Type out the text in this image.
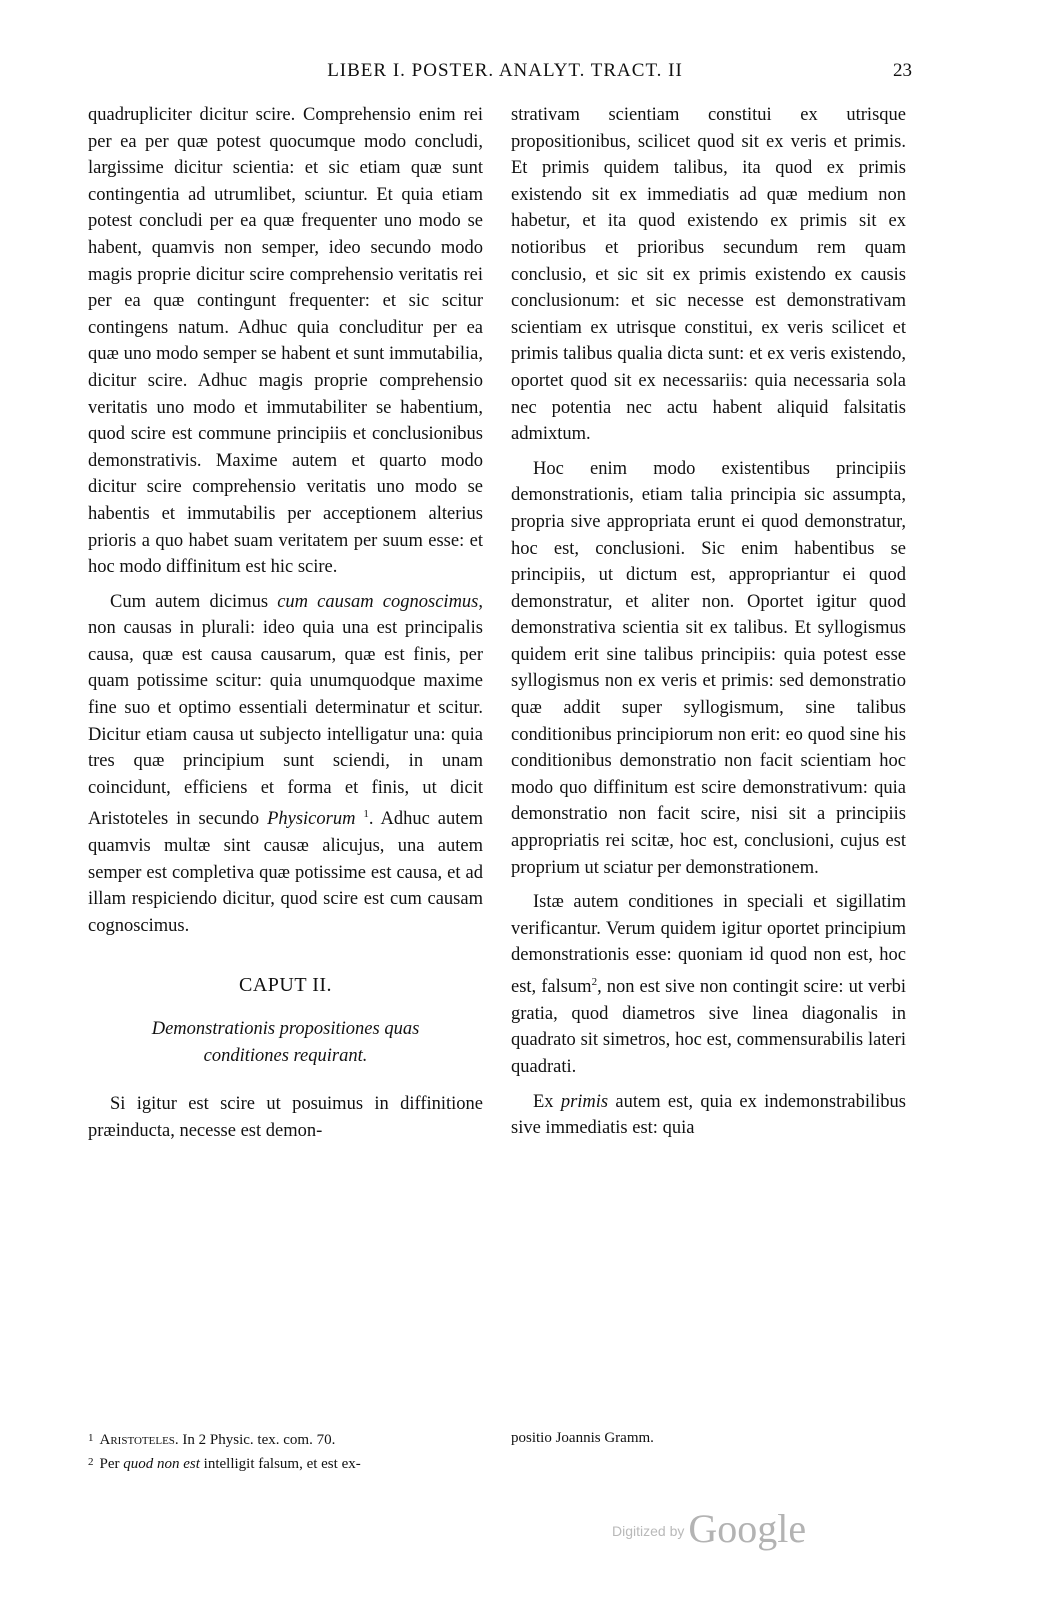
LIBER I. POSTER. ANALYT. TRACT. II	23

quadrupliciter dicitur scire. Comprehensio enim rei per ea per quæ potest quocumque modo concludi, largissime dicitur scientia: et sic etiam quæ sunt contingentia ad utrumlibet, sciuntur. Et quia etiam potest concludi per ea quæ frequenter uno modo se habent, quamvis non semper, ideo secundo modo magis proprie dicitur scire comprehensio veritatis rei per ea quæ contingunt frequenter: et sic scitur contingens natum. Adhuc quia concluditur per ea quæ uno modo semper se habent et sunt immutabilia, dicitur scire. Adhuc magis proprie comprehensio veritatis uno modo et immutabiliter se habentium, quod scire est commune principiis et conclusionibus demonstrativis. Maxime autem et quarto modo dicitur scire comprehensio veritatis uno modo se habentis et immutabilis per acceptionem alterius prioris a quo habet suam veritatem per suum esse: et hoc modo diffinitum est hic scire.

Cum autem dicimus cum causam cognoscimus, non causas in plurali: ideo quia una est principalis causa, quæ est causa causarum, quæ est finis, per quam potissime scitur: quia unumquodque maxime fine suo et optimo essentiali determinatur et scitur. Dicitur etiam causa ut subjecto intelligatur una: quia tres quæ principium sunt sciendi, in unam coincidunt, efficiens et forma et finis, ut dicit Aristoteles in secundo Physicorum $^1$. Adhuc autem quamvis multæ sint causæ alicujus, una autem semper est completiva quæ potissime est causa, et ad illam respiciendo dicitur, quod scire est cum causam cognoscimus.

CAPUT II.
Demonstrationis propositiones quas conditiones requirant.

Si igitur est scire ut posuimus in diffinitione præinducta, necesse est demon-

strativam scientiam constitui ex utrisque propositionibus, scilicet quod sit ex veris et primis. Et primis quidem talibus, ita quod ex primis existendo sit ex immediatis ad quæ medium non habetur, et ita quod existendo ex primis sit ex notioribus et prioribus secundum rem quam conclusio, et sic sit ex primis existendo ex causis conclusionum: et sic necesse est demonstrativam scientiam ex utrisque constitui, ex veris scilicet et primis talibus qualia dicta sunt: et ex veris existendo, oportet quod sit ex necessariis: quia necessaria sola nec potentia nec actu habent aliquid falsitatis admixtum.

Hoc enim modo existentibus principiis demonstrationis, etiam talia principia sic assumpta, propria sive appropriata erunt ei quod demonstratur, hoc est, conclusioni. Sic enim habentibus se principiis, ut dictum est, appropriantur ei quod demonstratur, et aliter non. Oportet igitur quod demonstrativa scientia sit ex talibus. Et syllogismus quidem erit sine talibus principiis: quia potest esse syllogismus non ex veris et primis: sed demonstratio quæ addit super syllogismum, sine talibus conditionibus principiorum non erit: eo quod sine his conditionibus demonstratio non facit scientiam hoc modo quo diffinitum est scire demonstrativum: quia demonstratio non facit scire, nisi sit a principiis appropriatis rei scitæ, hoc est, conclusioni, cujus est proprium ut sciatur per demonstrationem.

Istæ autem conditiones in speciali et sigillatim verificantur. Verum quidem igitur oportet principium demonstrationis esse: quoniam id quod non est, hoc est, falsum$^2$, non est sive non contingit scire: ut verbi gratia, quod diametros sive linea diagonalis in quadrato sit simetros, hoc est, commensurabilis lateri quadrati.

Ex primis autem est, quia ex indemonstrabilibus sive immediatis est: quia

$^1$ Aristoteles. In 2 Physic. tex. com. 70.
$^2$ Per quod non est intelligit falsum, et est ex-
positio Joannis Gramm.
Digitized by Google
